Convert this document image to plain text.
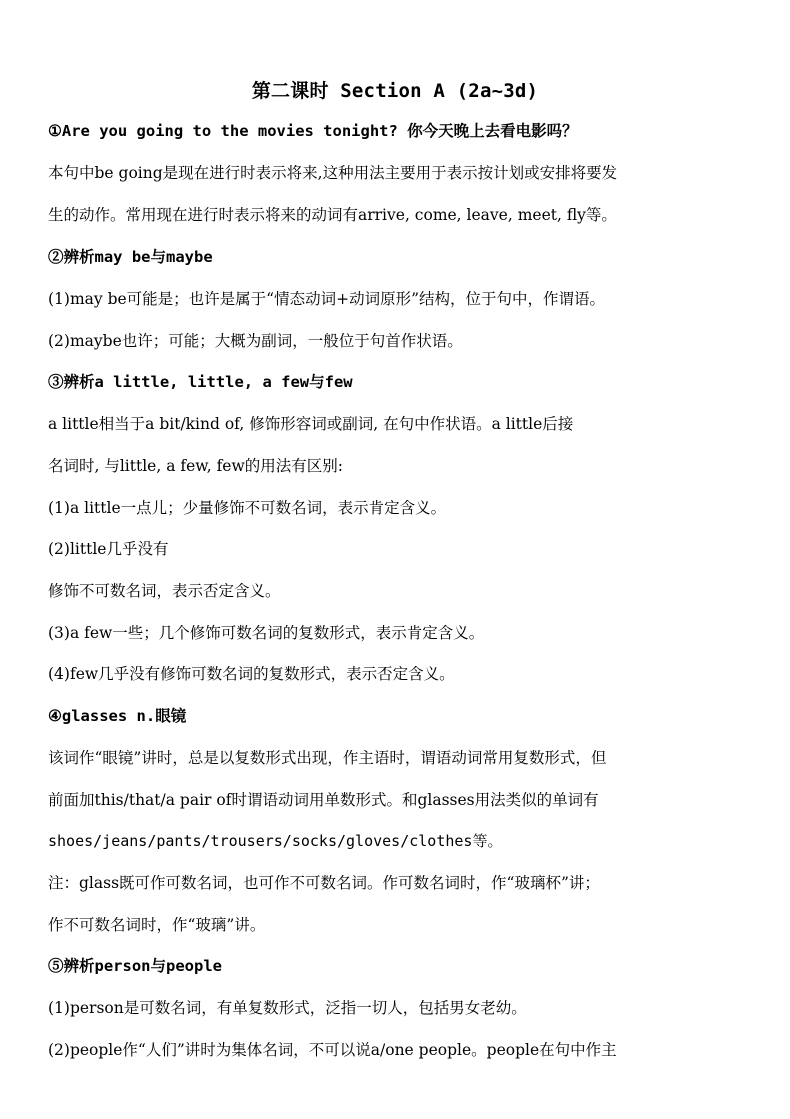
第二课时 Section A (2a~3d)
①Are you going to the movies tonight? 你今天晚上去看电影吗？
本句中be going是现在进行时表示将来,这种用法主要用于表示按计划或安排将要发
生的动作。常用现在进行时表示将来的动词有arrive, come, leave, meet, fly等。
②辨析may be与maybe
(1)may be可能是；也许是属于“情态动词+动词原形”结构，位于句中，作谓语。
(2)maybe也许；可能；大概为副词，一般位于句首作状语。
③辨析a little, little, a few与few
a little相当于a bit/kind of, 修饰形容词或副词, 在句中作状语。a little后接
名词时, 与little, a few, few的用法有区别:
(1)a little一点儿；少量修饰不可数名词，表示肯定含义。
(2)little几乎没有
修饰不可数名词，表示否定含义。
(3)a few一些；几个修饰可数名词的复数形式，表示肯定含义。
(4)few几乎没有修饰可数名词的复数形式，表示否定含义。
④glasses n.眼镜
该词作“眼镜”讲时，总是以复数形式出现，作主语时，谓语动词常用复数形式，但
前面加this/that/a pair of时谓语动词用单数形式。和glasses用法类似的单词有
shoes/jeans/pants/trousers/socks/gloves/clothes等。
注：glass既可作可数名词，也可作不可数名词。作可数名词时，作“玻璃杯”讲；
作不可数名词时，作“玻璃”讲。
⑤辨析person与people
(1)person是可数名词，有单复数形式，泛指一切人，包括男女老幼。
(2)people作“人们”讲时为集体名词，不可以说a/one people。people在句中作主
